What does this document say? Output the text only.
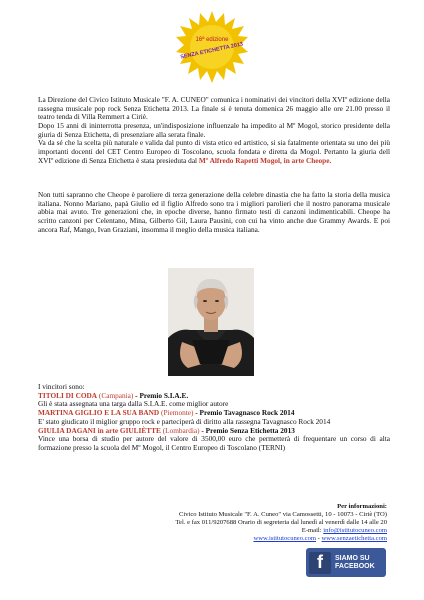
16ª edizione
SENZA ETICHETTA 2013

La Direzione del Civico Istituto Musicale "F. A. CUNEO" comunica i nominativi dei vincitori della XVIº edizione della rassegna musicale pop rock Senza Etichetta 2013. La finale si è tenuta domenica 26 maggio alle ore 21.00 presso il teatro tenda di Villa Remmert a Ciriè.
Dopo 15 anni di ininterrotta presenza, un'indisposizione influenzale ha impedito al Mº Mogol, storico presidente della giuria di Senza Etichetta, di presenziare alla serata finale.
Va da sé che la scelta più naturale e valida dal punto di vista etico ed artistico, si sia fatalmente orientata su uno dei più importanti docenti del CET Centro Europeo di Toscolano, scuola fondata e diretta da Mogol. Pertanto la giuria dell XVIº edizione di Senza Etichetta è stata presieduta dal Mº Alfredo Rapetti Mogol, in arte Cheope.

Non tutti sapranno che Cheope è paroliere di terza generazione della celebre dinastia che ha fatto la storia della musica italiana. Nonno Mariano, papà Giulio ed il figlio Alfredo sono tra i migliori parolieri che il nostro panorama musicale abbia mai avuto. Tre generazioni che, in epoche diverse, hanno firmato testi di canzoni indimenticabili. Cheope ha scritto canzoni per Celentano, Mina, Gilberto Gil, Laura Pausini, con cui ha vinto anche due Grammy Awards. E poi ancora Raf, Mango, Ivan Graziani, insomma il meglio della musica italiana.

I vincitori sono:
TITOLI DI CODA (Campania) - Premio S.I.A.E.
Gli è stata assegnata una targa dalla S.I.A.E. come miglior autore
MARTINA GIGLIO E LA SUA BAND (Piemonte) - Premio Tavagnasco Rock 2014
E' stato giudicato il miglior gruppo rock e parteciperà di diritto alla rassegna Tavagnasco Rock 2014
GIULIA DAGANI in arte GIULIÈTTE (Lombardia) - Premio Senza Etichetta 2013
Vince una borsa di studio per autore del valore di 3500,00 euro che permetterà di frequentare un corso di alta formazione presso la scuola del Mº Mogol, il Centro Europeo di Toscolano (TERNI)
Per informazioni:
Civico Istituto Musicale "F. A. Cuneo" via Camossetti, 10 - 10073 - Ciriè (TO)
Tel. e fax 011/9207688 Orario di segreteria dal lunedì al venerdì dalle 14 alle 20
E-mail: info@istitutocuneo.com
www.istitutocuneo.com - www.senzaetichetta.com
f	SIAMO SU
FACEBOOK
